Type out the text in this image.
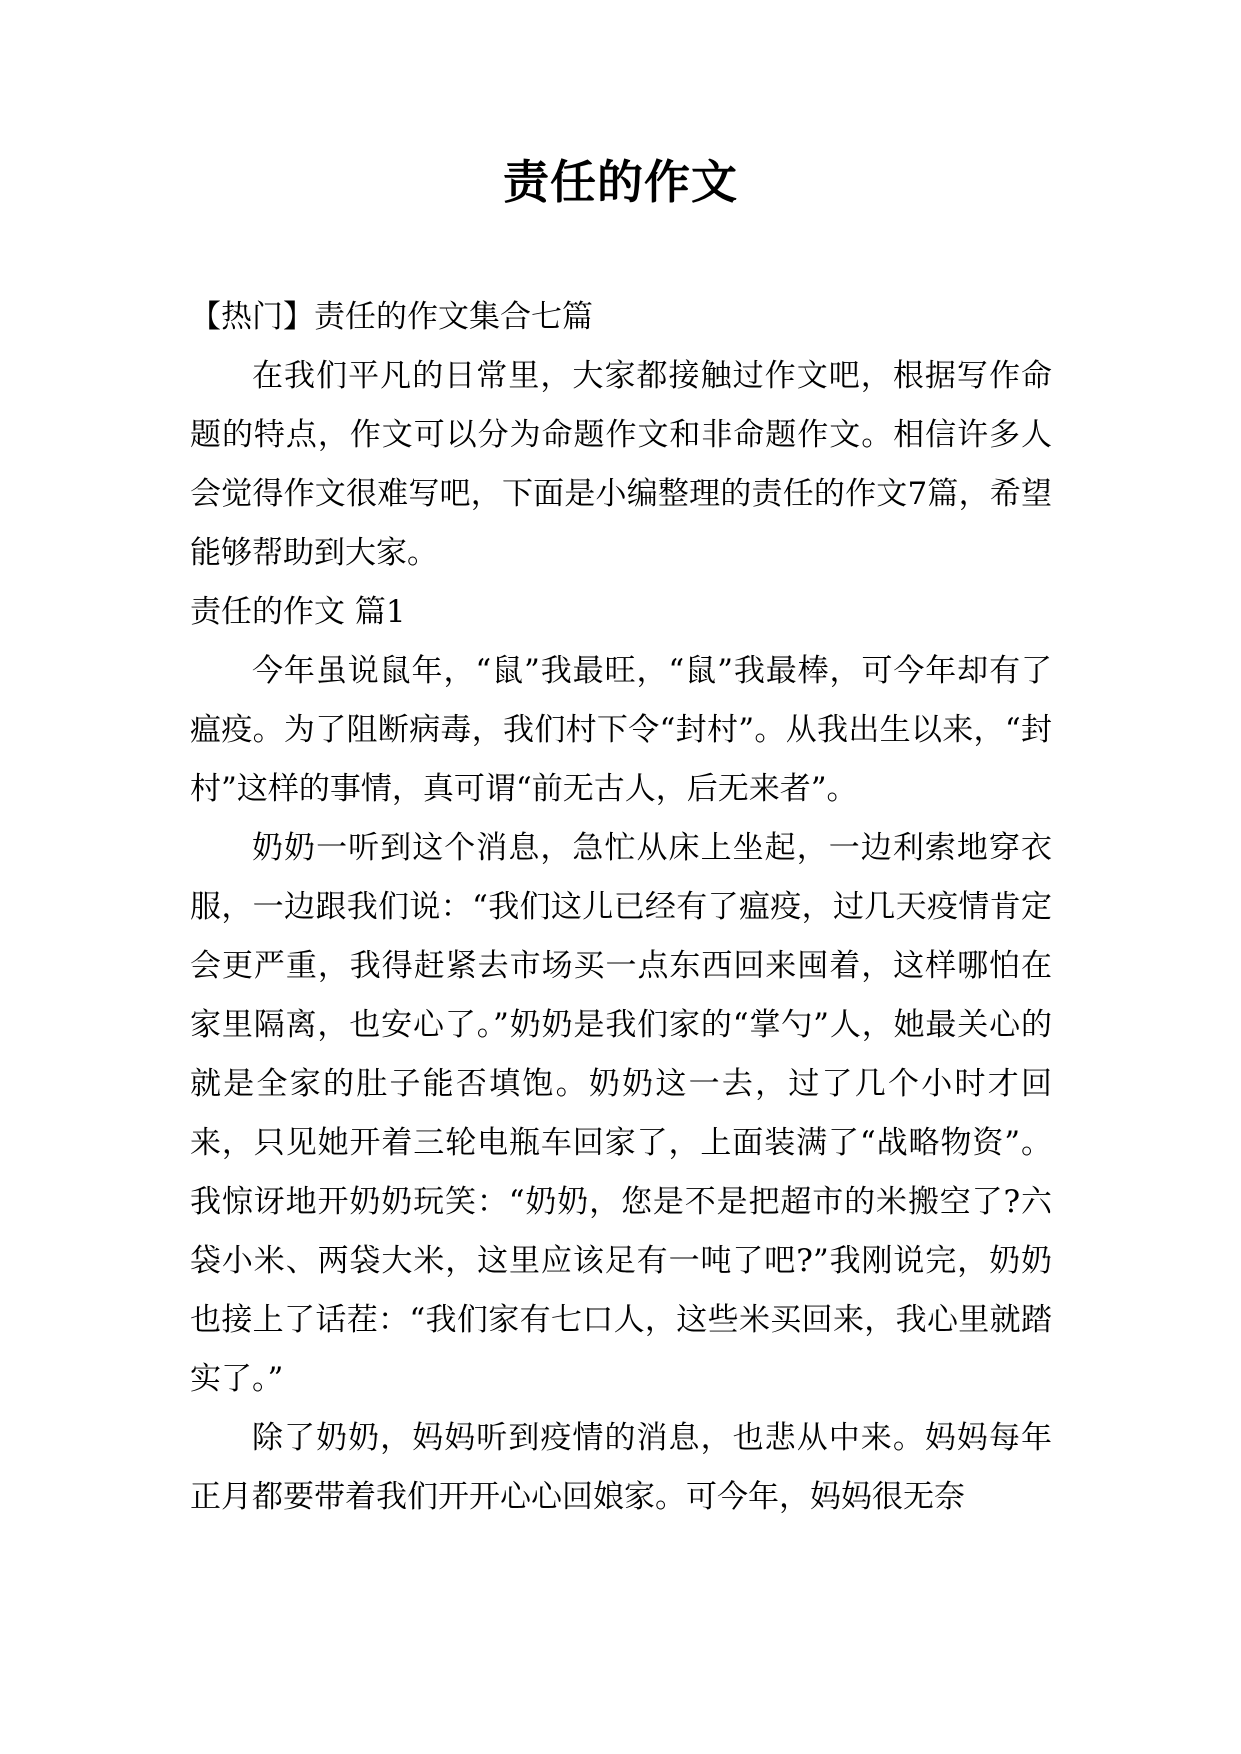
责任的作文

【热门】责任的作文集合七篇

在我们平凡的日常里，大家都接触过作文吧，根据写作命题的特点，作文可以分为命题作文和非命题作文。相信许多人会觉得作文很难写吧，下面是小编整理的责任的作文7篇，希望能够帮助到大家。

责任的作文 篇1

今年虽说鼠年，“鼠”我最旺，“鼠”我最棒，可今年却有了瘟疫。为了阻断病毒，我们村下令“封村”。从我出生以来，“封村”这样的事情，真可谓“前无古人，后无来者”。

奶奶一听到这个消息，急忙从床上坐起，一边利索地穿衣服，一边跟我们说：“我们这儿已经有了瘟疫，过几天疫情肯定会更严重，我得赶紧去市场买一点东西回来囤着，这样哪怕在家里隔离，也安心了。”奶奶是我们家的“掌勺”人，她最关心的就是全家的肚子能否填饱。奶奶这一去，过了几个小时才回来，只见她开着三轮电瓶车回家了，上面装满了“战略物资”。我惊讶地开奶奶玩笑：“奶奶，您是不是把超市的米搬空了?六袋小米、两袋大米，这里应该足有一吨了吧?”我刚说完，奶奶也接上了话茬：“我们家有七口人，这些米买回来，我心里就踏实了。”

除了奶奶，妈妈听到疫情的消息，也悲从中来。妈妈每年正月都要带着我们开开心心回娘家。可今年，妈妈很无奈
